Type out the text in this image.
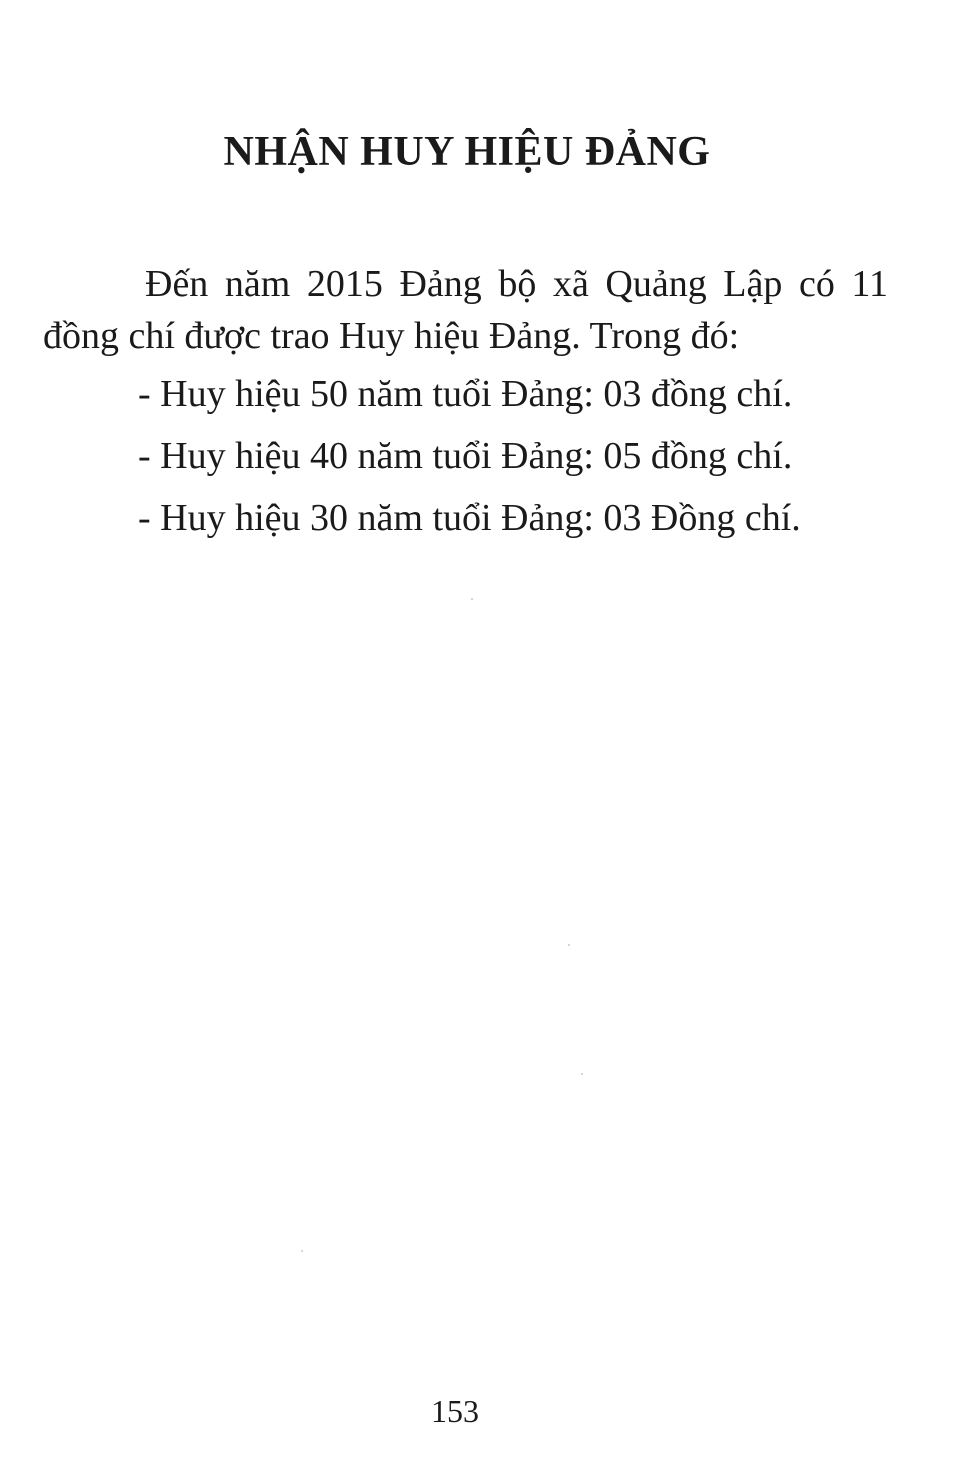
NHẬN HUY HIỆU ĐẢNG

Đến năm 2015 Đảng bộ xã Quảng Lập có 11 đồng chí được trao Huy hiệu Đảng. Trong đó:

- Huy hiệu 50 năm tuổi Đảng: 03 đồng chí.
- Huy hiệu 40 năm tuổi Đảng: 05 đồng chí.
- Huy hiệu 30 năm tuổi Đảng: 03 Đồng chí.
153
